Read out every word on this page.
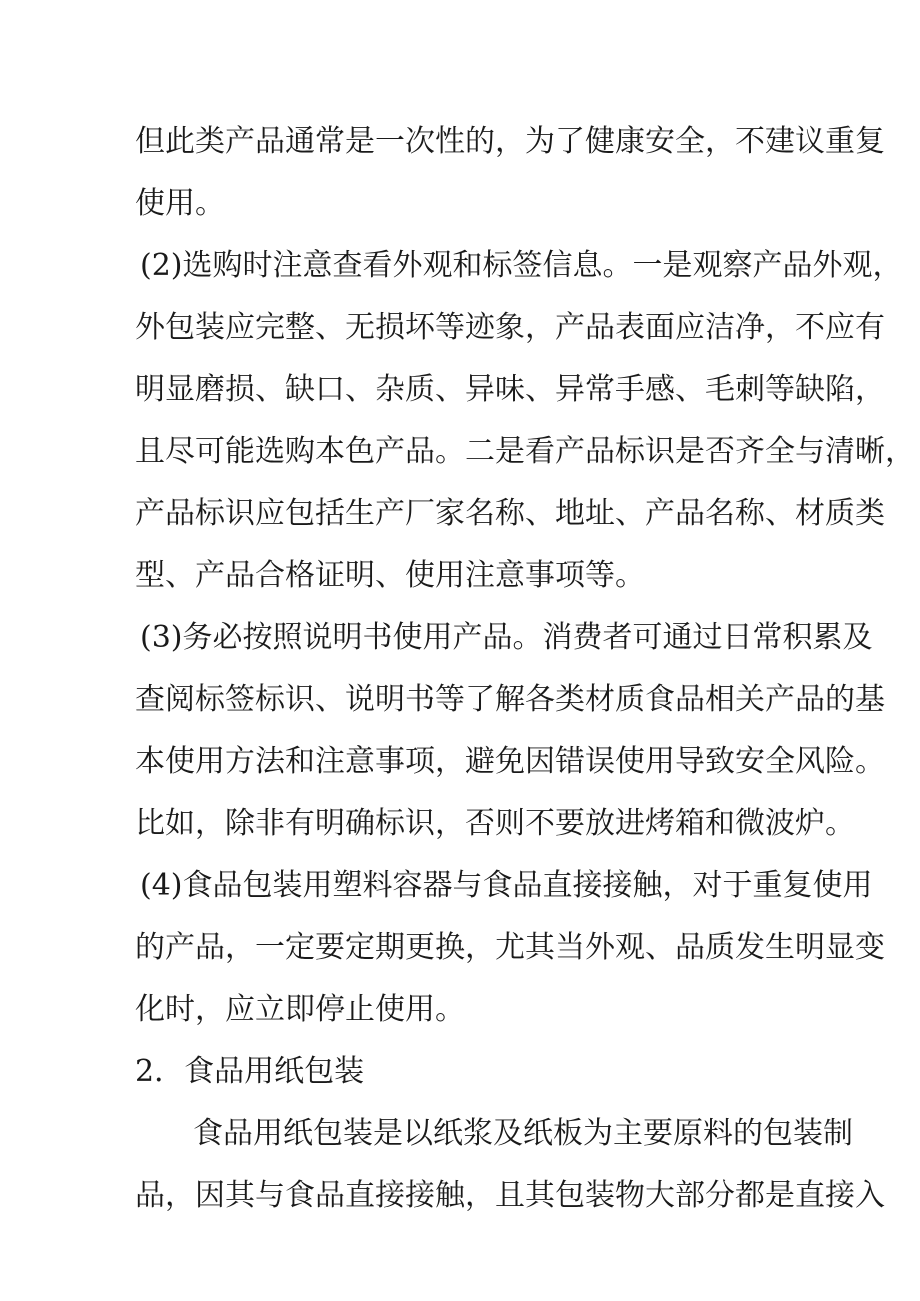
但此类产品通常是一次性的，为了健康安全，不建议重复
使用。
(2)选购时注意查看外观和标签信息。一是观察产品外观，
外包装应完整、无损坏等迹象，产品表面应洁净，不应有
明显磨损、缺口、杂质、异味、异常手感、毛刺等缺陷，
且尽可能选购本色产品。二是看产品标识是否齐全与清晰，
产品标识应包括生产厂家名称、地址、产品名称、材质类
型、产品合格证明、使用注意事项等。
(3)务必按照说明书使用产品。消费者可通过日常积累及
查阅标签标识、说明书等了解各类材质食品相关产品的基
本使用方法和注意事项，避免因错误使用导致安全风险。
比如，除非有明确标识，否则不要放进烤箱和微波炉。
(4)食品包装用塑料容器与食品直接接触，对于重复使用
的产品，一定要定期更换，尤其当外观、品质发生明显变
化时，应立即停止使用。
2．食品用纸包装
食品用纸包装是以纸浆及纸板为主要原料的包装制
品，因其与食品直接接触，且其包装物大部分都是直接入
